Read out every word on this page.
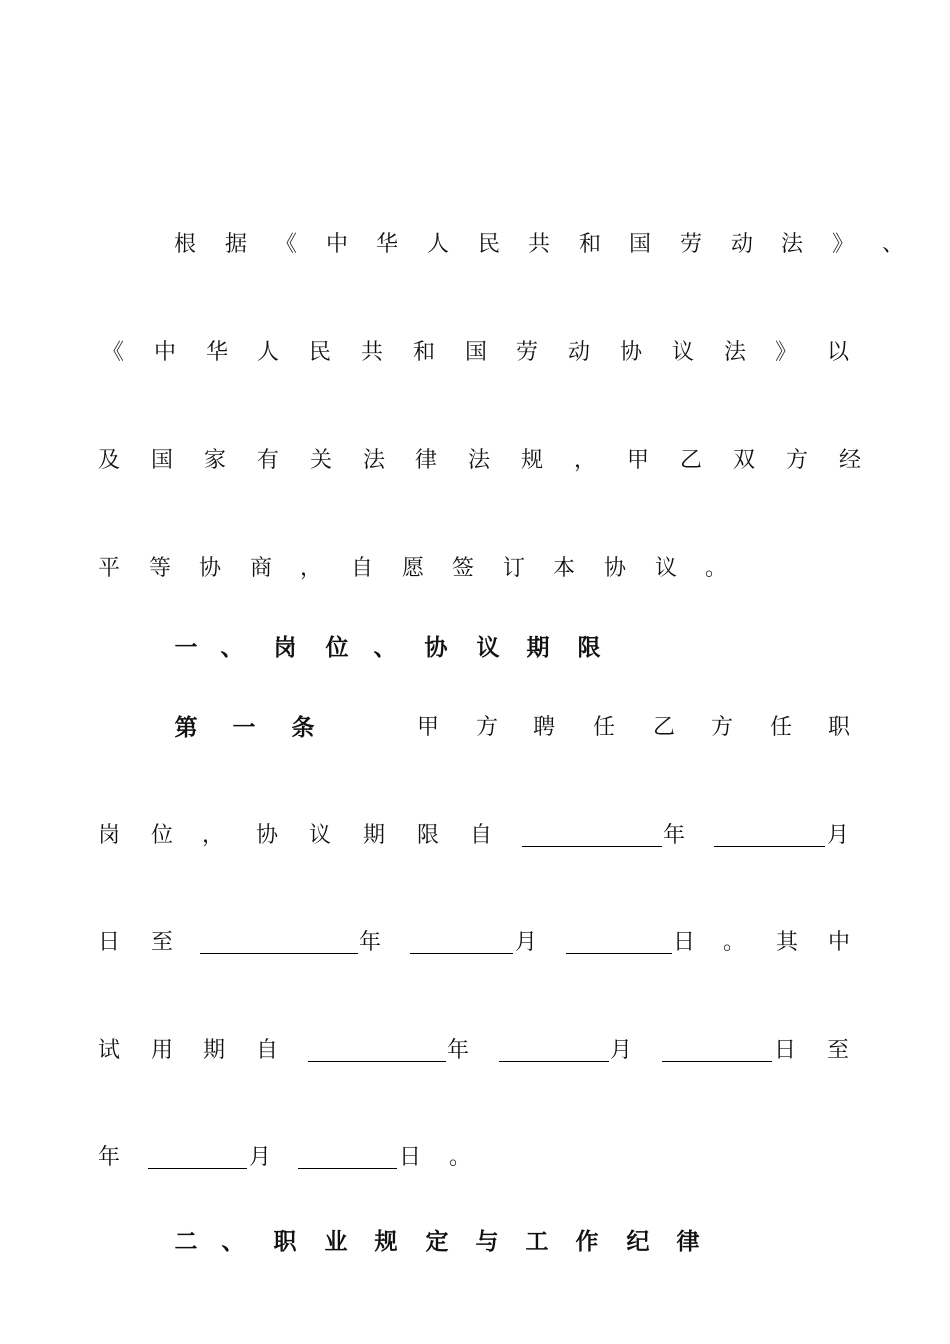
根 据 《 中 华 人 民 共 和 国 劳 动 法 》 、
《 中 华 人 民 共 和 国 劳 动 协 议 法 》 以
及 国 家 有 关 法 律 法 规 ， 甲 乙 双 方 经
平 等 协 商 ， 自 愿 签 订 本 协 议 。
一 、 岗 位 、 协 议 期 限
第 一 条	甲 方 聘 任 乙 方 任 职
岗 位 ， 协 议 期 限 自	年	月
日 至	年	月	日 。 其 中
试 用 期 自	年	月	日 至
年	月	日 。
二 、 职 业 规 定 与 工 作 纪 律
